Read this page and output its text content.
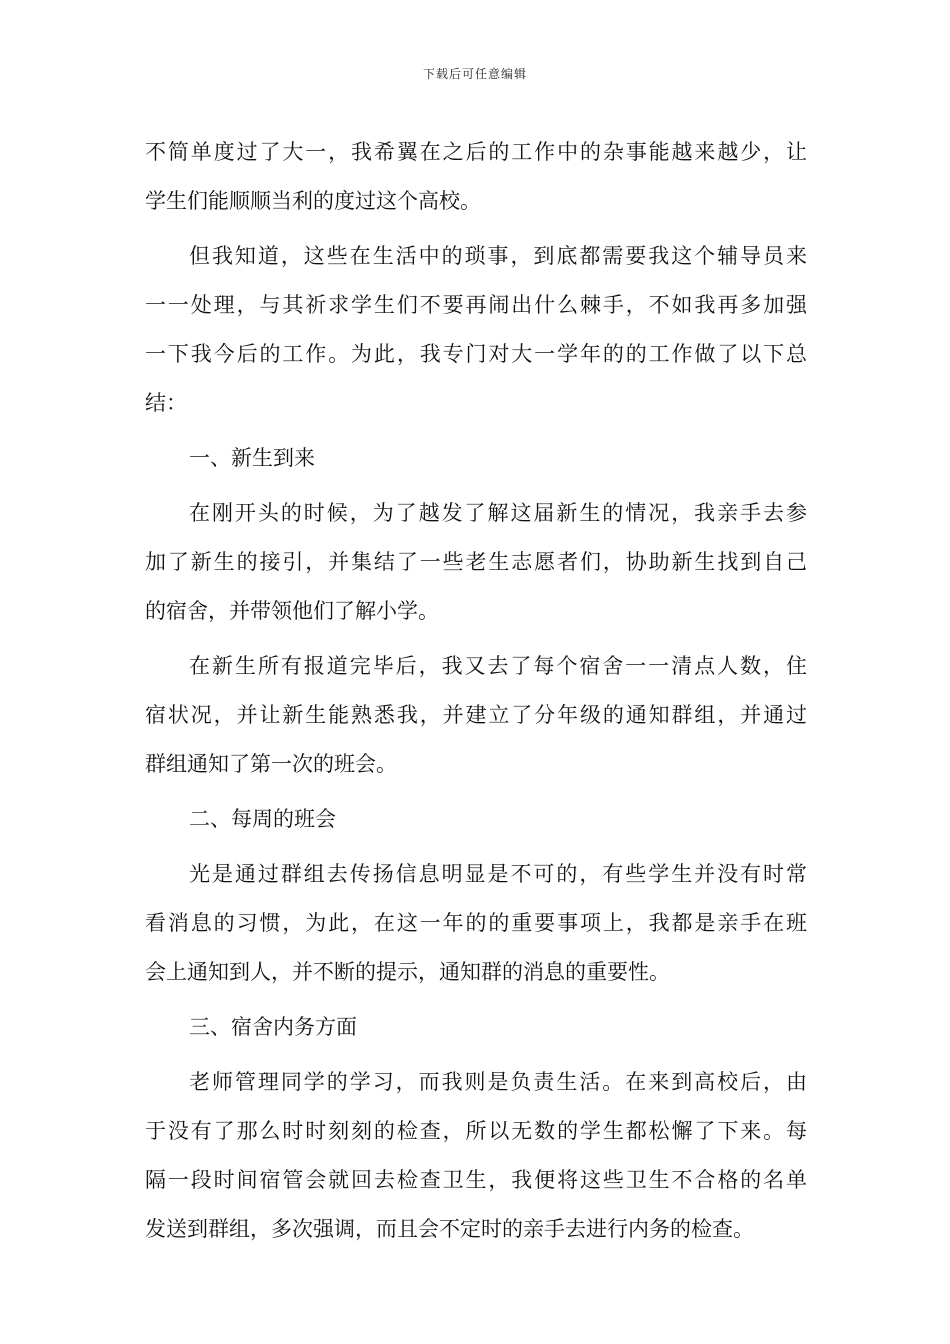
下载后可任意编辑

不简单度过了大一，我希翼在之后的工作中的杂事能越来越少，让
学生们能顺顺当利的度过这个高校。

但我知道，这些在生活中的琐事，到底都需要我这个辅导员来
一一处理，与其祈求学生们不要再闹出什么棘手，不如我再多加强
一下我今后的工作。为此，我专门对大一学年的的工作做了以下总
结：

一、新生到来

在刚开头的时候，为了越发了解这届新生的情况，我亲手去参
加了新生的接引，并集结了一些老生志愿者们，协助新生找到自己
的宿舍，并带领他们了解小学。

在新生所有报道完毕后，我又去了每个宿舍一一清点人数，住
宿状况，并让新生能熟悉我，并建立了分年级的通知群组，并通过
群组通知了第一次的班会。

二、每周的班会

光是通过群组去传扬信息明显是不可的，有些学生并没有时常
看消息的习惯，为此，在这一年的的重要事项上，我都是亲手在班
会上通知到人，并不断的提示，通知群的消息的重要性。

三、宿舍内务方面

老师管理同学的学习，而我则是负责生活。在来到高校后，由
于没有了那么时时刻刻的检查，所以无数的学生都松懈了下来。每
隔一段时间宿管会就回去检查卫生，我便将这些卫生不合格的名单
发送到群组，多次强调，而且会不定时的亲手去进行内务的检查。
